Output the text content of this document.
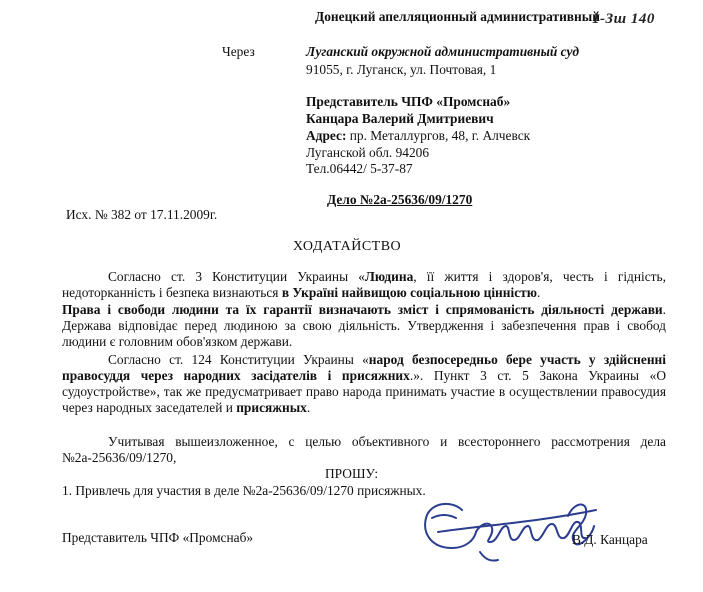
Донецкий апелляционный административный
1-Зш 140
Через	Луганский окружной административный суд
91055, г. Луганск, ул. Почтовая, 1
Представитель ЧПФ «Промснаб»
Канцара Валерий Дмитриевич
Адрес: пр. Металлургов, 48, г. Алчевск
Луганской обл. 94206
Тел.06442/ 5-37-87
Дело №2а-25636/09/1270
Исх. № 382 от 17.11.2009г.
ХОДАТАЙСТВО
Согласно ст. 3 Конституции Украины «Людина, її життя і здоров'я, честь і гідність, недоторканність і безпека визнаються в Україні найвищою соціальною цінністю.
Права і свободи людини та їх гарантії визначають зміст і спрямованість діяльності держави. Держава відповідає перед людиною за свою діяльність. Утвердження і забезпечення прав і свобод людини є головним обов'язком держави.
Согласно ст. 124 Конституции Украины «народ безпосередньо бере участь у здійсненні правосуддя через народних засідателів і присяжних.». Пункт 3 ст. 5 Закона Украины «О судоустройстве», так же предусматривает право народа принимать участие в осуществлении правосудия через народных заседателей и присяжных.
Учитывая вышеизложенное, с целью объективного и всестороннего рассмотрения дела №2а-25636/09/1270,
ПРОШУ:
1. Привлечь для участия в деле №2а-25636/09/1270 присяжных.
Представитель ЧПФ «Промснаб»	В.Д. Канцара
